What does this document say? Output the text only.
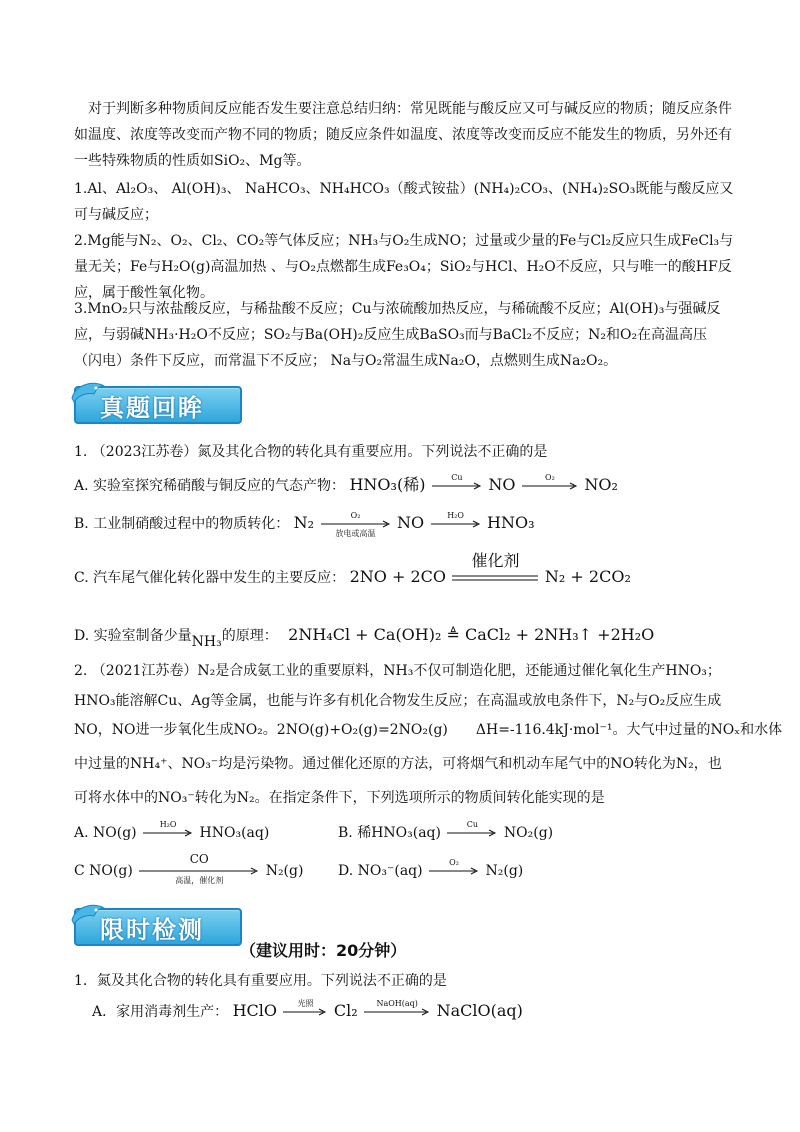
对于判断多种物质间反应能否发生要注意总结归纳：常见既能与酸反应又可与碱反应的物质；随反应条件如温度、浓度等改变而产物不同的物质；随反应条件如温度、浓度等改变而反应不能发生的物质，另外还有一些特殊物质的性质如SiO₂、Mg等。

1.Al、Al₂O₃、 Al(OH)₃、 NaHCO₃、NH₄HCO₃（酸式铵盐）(NH₄)₂CO₃、(NH₄)₂SO₃既能与酸反应又可与碱反应；

2.Mg能与N₂、O₂、Cl₂、CO₂等气体反应；NH₃与O₂生成NO；过量或少量的Fe与Cl₂反应只生成FeCl₃与量无关；Fe与H₂O(g)高温加热 、与O₂点燃都生成Fe₃O₄；SiO₂与HCl、H₂O不反应，只与唯一的酸HF反应，属于酸性氧化物。

3.MnO₂只与浓盐酸反应，与稀盐酸不反应；Cu与浓硫酸加热反应，与稀硫酸不反应；Al(OH)₃与强碱反应，与弱碱NH₃·H₂O不反应；SO₂与Ba(OH)₂反应生成BaSO₃而与BaCl₂不反应；N₂和O₂在高温高压（闪电）条件下反应，而常温下不反应； Na与O₂常温生成Na₂O，点燃则生成Na₂O₂。

真题回眸
1. （2023江苏卷）氮及其化合物的转化具有重要应用。下列说法不正确的是
A. 实验室探究稀硝酸与铜反应的气态产物： HNO₃(稀)	Cu	NO	O₂	NO₂
B. 工业制硝酸过程中的物质转化： N₂	O₂
放电或高温
NO	H₂O	HNO₃
C. 汽车尾气催化转化器中发生的主要反应： 2NO + 2CO
催化剂
N₂ + 2CO₂
D. 实验室制备少量NH₃的原理： 2NH₄Cl + Ca(OH)₂ ≜ CaCl₂ + 2NH₃↑ +2H₂O
2. （2021江苏卷）N₂是合成氨工业的重要原料，NH₃不仅可制造化肥，还能通过催化氧化生产HNO₃；
HNO₃能溶解Cu、Ag等金属，也能与许多有机化合物发生反应；在高温或放电条件下，N₂与O₂反应生成
NO，NO进一步氧化生成NO₂。2NO(g)+O₂(g)=2NO₂(g)　　ΔH=-116.4kJ·mol⁻¹。大气中过量的NOₓ和水体
中过量的NH₄⁺、NO₃⁻均是污染物。通过催化还原的方法，可将烟气和机动车尾气中的NO转化为N₂，也
可将水体中的NO₃⁻转化为N₂。在指定条件下，下列选项所示的物质间转化能实现的是
A. NO(g)
H₂O
HNO₃(aq)	B. 稀HNO₃(aq)
Cu
NO₂(g)
C NO(g)
CO
高温，催化剂
N₂(g) D. NO₃⁻(aq)
O₂
N₂(g)
限时检测
（建议用时：20分钟）
1．氮及其化合物的转化具有重要应用。下列说法不正确的是
A．家用消毒剂生产： HClO	光照	Cl₂	NaOH(aq)	NaClO(aq)
